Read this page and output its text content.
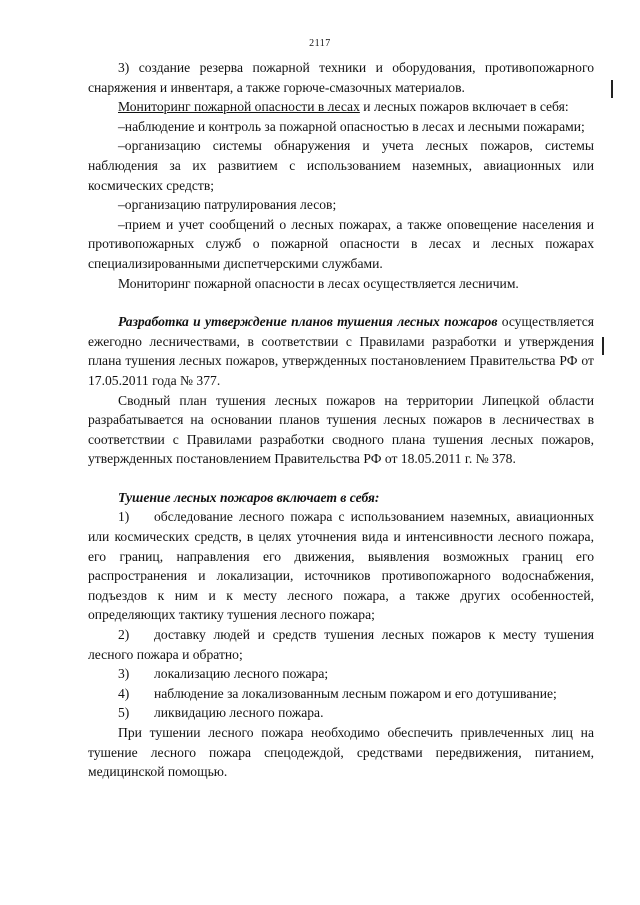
2117

3) создание резерва пожарной техники и оборудования, противопожарного снаряжения и инвентаря, а также горюче-смазочных материалов.

Мониторинг пожарной опасности в лесах и лесных пожаров включает в себя:

–наблюдение и контроль за пожарной опасностью в лесах и лесными пожарами;

–организацию системы обнаружения и учета лесных пожаров, системы наблюдения за их развитием с использованием наземных, авиационных или космических средств;

–организацию патрулирования лесов;

–прием и учет сообщений о лесных пожарах, а также оповещение населения и противопожарных служб о пожарной опасности в лесах и лесных пожарах специализированными диспетчерскими службами.

Мониторинг пожарной опасности в лесах осуществляется лесничим.

Разработка и утверждение планов тушения лесных пожаров осуществляется ежегодно лесничествами, в соответствии с Правилами разработки и утверждения плана тушения лесных пожаров, утвержденных постановлением Правительства РФ от 17.05.2011 года № 377.

Сводный план тушения лесных пожаров на территории Липецкой области разрабатывается на основании планов тушения лесных пожаров в лесничествах в соответствии с Правилами разработки сводного плана тушения лесных пожаров, утвержденных постановлением Правительства РФ от 18.05.2011 г. № 378.

Тушение лесных пожаров включает в себя:

1) обследование лесного пожара с использованием наземных, авиационных или космических средств, в целях уточнения вида и интенсивности лесного пожара, его границ, направления его движения, выявления возможных границ его распространения и локализации, источников противопожарного водоснабжения, подъездов к ним и к месту лесного пожара, а также других особенностей, определяющих тактику тушения лесного пожара;

2) доставку людей и средств тушения лесных пожаров к месту тушения лесного пожара и обратно;

3) локализацию лесного пожара;

4) наблюдение за локализованным лесным пожаром и его дотушивание;

5) ликвидацию лесного пожара.

При тушении лесного пожара необходимо обеспечить привлеченных лиц на тушение лесного пожара спецодеждой, средствами передвижения, питанием, медицинской помощью.
